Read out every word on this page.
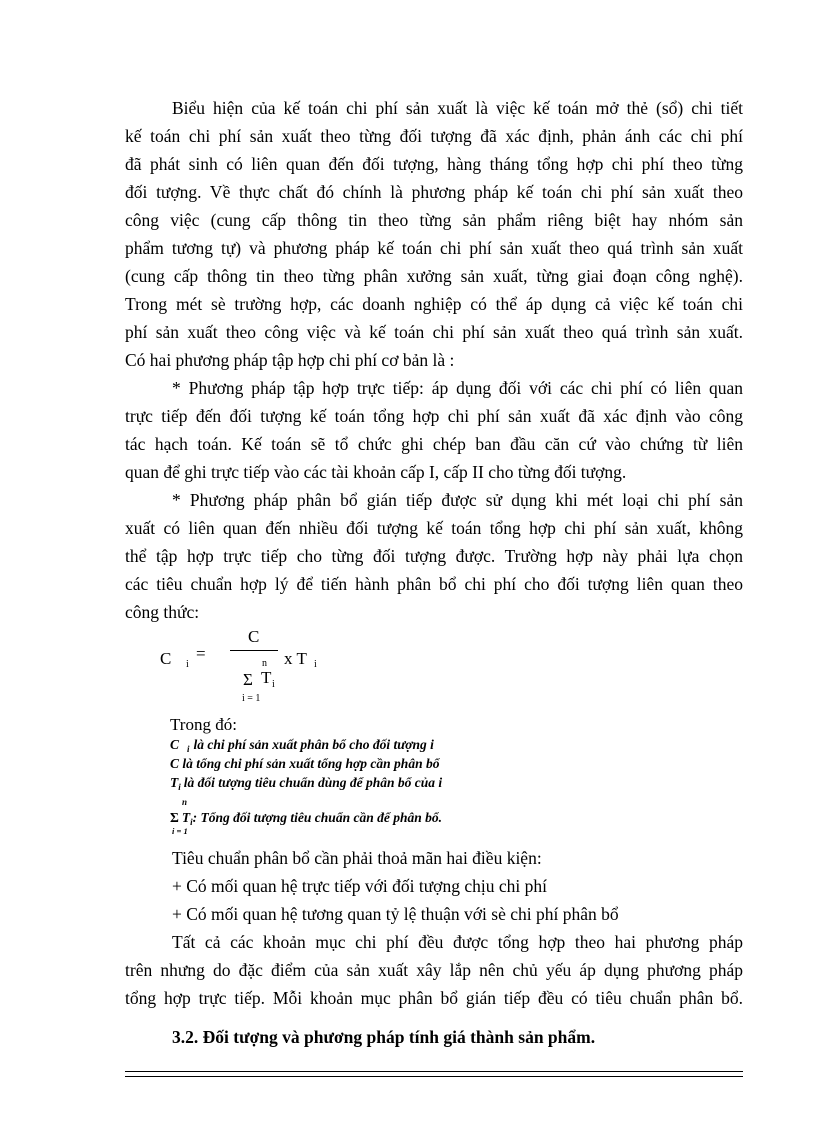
Biểu hiện của kế toán chi phí sản xuất là việc kế toán mở thẻ (sổ) chi tiết
kế toán chi phí sản xuất theo từng đối tượng đã xác định, phản ánh các chi phí
đã phát sinh có liên quan đến đối tượng, hàng tháng tổng hợp chi phí theo từng
đối tượng. Về thực chất đó chính là phương pháp kế toán chi phí sản xuất theo
công việc (cung cấp thông tin theo từng sản phẩm riêng biệt hay nhóm sản
phẩm tương tự) và phương pháp kế toán chi phí sản xuất theo quá trình sản xuất
(cung cấp thông tin theo từng phân xưởng sản xuất, từng giai đoạn công nghệ).
Trong mét sè trường hợp, các doanh nghiệp có thể áp dụng cả việc kế toán chi
phí sản xuất theo công việc và kế toán chi phí sản xuất theo quá trình sản xuất.
Có hai phương pháp tập hợp chi phí cơ bản là :
* Phương pháp tập hợp trực tiếp: áp dụng đối với các chi phí có liên quan
trực tiếp đến đối tượng kế toán tổng hợp chi phí sản xuất đã xác định vào công
tác hạch toán. Kế toán sẽ tổ chức ghi chép ban đầu căn cứ vào chứng từ liên
quan để ghi trực tiếp vào các tài khoản cấp I, cấp II cho từng đối tượng.
* Phương pháp phân bổ gián tiếp được sử dụng khi mét loại chi phí sản
xuất có liên quan đến nhiều đối tượng kế toán tổng hợp chi phí sản xuất, không
thể tập hợp trực tiếp cho từng đối tượng được. Trường hợp này phải lựa chọn
các tiêu chuẩn hợp lý để tiến hành phân bổ chi phí cho đối tượng liên quan theo
công thức:
C
C i
=
n
Σ T i
i = 1
x T i
Trong đó:
C $_i$ là chi phí sản xuất phân bổ cho đối tượng i
C là tổng chi phí sản xuất tổng hợp cần phân bổ
$T_i$ là đối tượng tiêu chuẩn dùng để phân bổ của i
n
Σ $T_i$: Tổng đối tượng tiêu chuẩn cần để phân bổ.
i = 1
Tiêu chuẩn phân bổ cần phải thoả mãn hai điều kiện:
+ Có mối quan hệ trực tiếp với đối tượng chịu chi phí
+ Có mối quan hệ tương quan tỷ lệ thuận với sè chi phí phân bổ
Tất cả các khoản mục chi phí đều được tổng hợp theo hai phương pháp
trên nhưng do đặc điểm của sản xuất xây lắp nên chủ yếu áp dụng phương pháp
tổng hợp trực tiếp. Mỗi khoản mục phân bổ gián tiếp đều có tiêu chuẩn phân bổ.
3.2. Đối tượng và phương pháp tính giá thành sản phẩm.
